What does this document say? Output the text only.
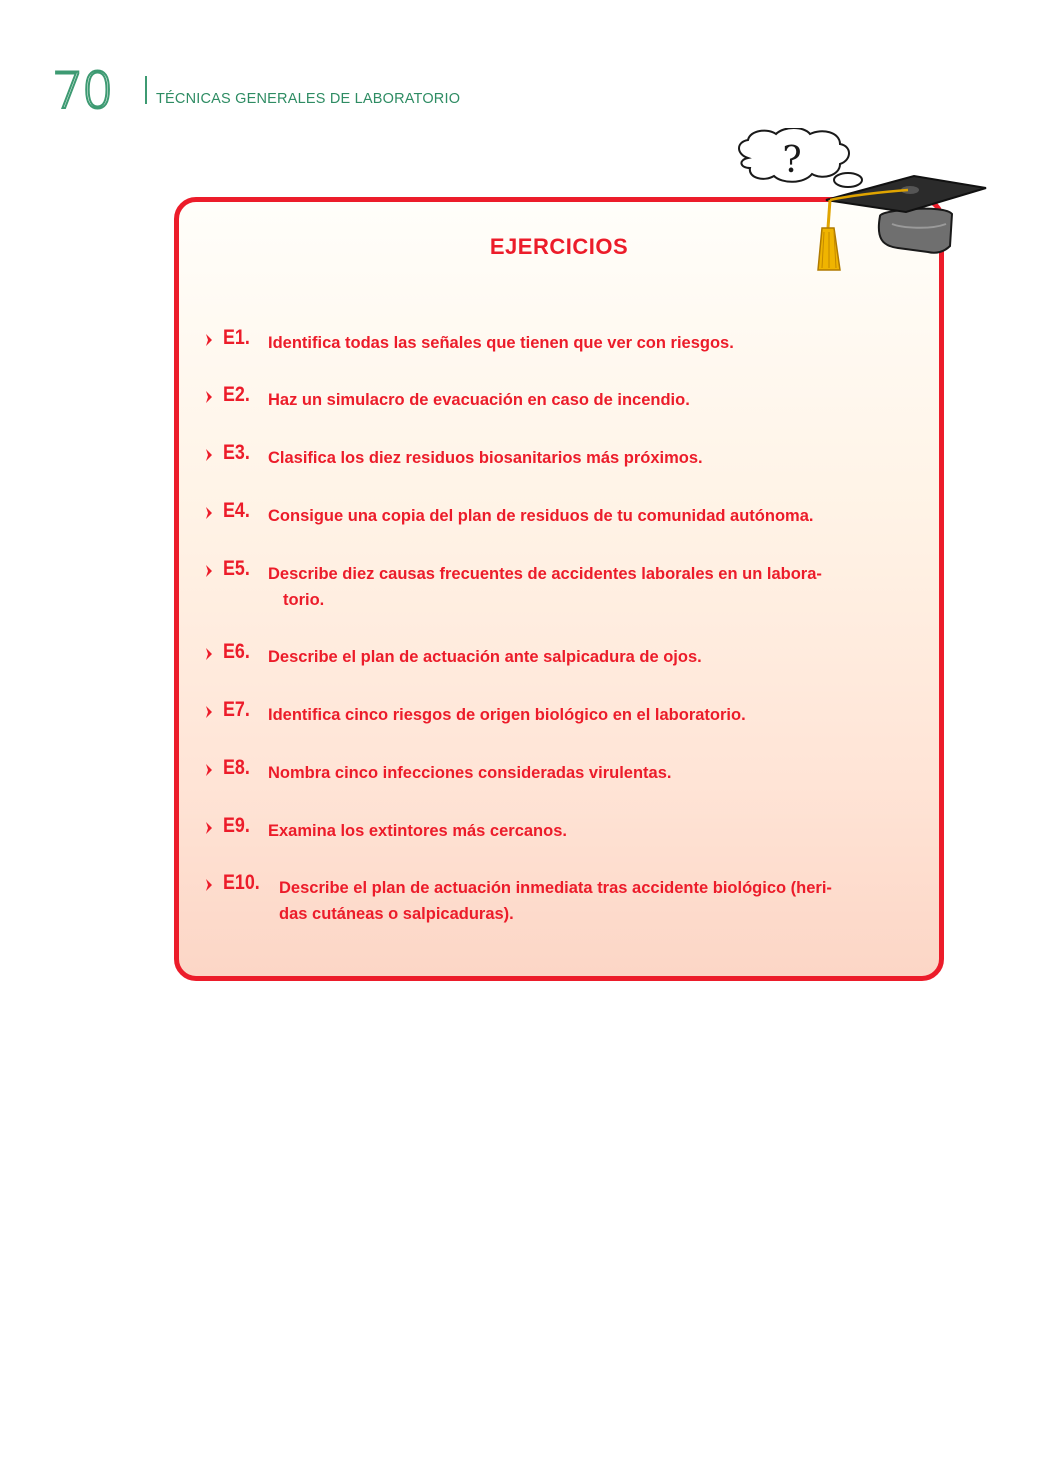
70	TÉCNICAS GENERALES DE LABORATORIO
EJERCICIOS
E1. Identifica todas las señales que tienen que ver con riesgos.
E2. Haz un simulacro de evacuación en caso de incendio.
E3. Clasifica los diez residuos biosanitarios más próximos.
E4. Consigue una copia del plan de residuos de tu comunidad autónoma.
E5. Describe diez causas frecuentes de accidentes laborales en un labora-
torio.
E6. Describe el plan de actuación ante salpicadura de ojos.
E7. Identifica cinco riesgos de origen biológico en el laboratorio.
E8. Nombra cinco infecciones consideradas virulentas.
E9. Examina los extintores más cercanos.
E10. Describe el plan de actuación inmediata tras accidente biológico (heri-
das cutáneas o salpicaduras).
?
